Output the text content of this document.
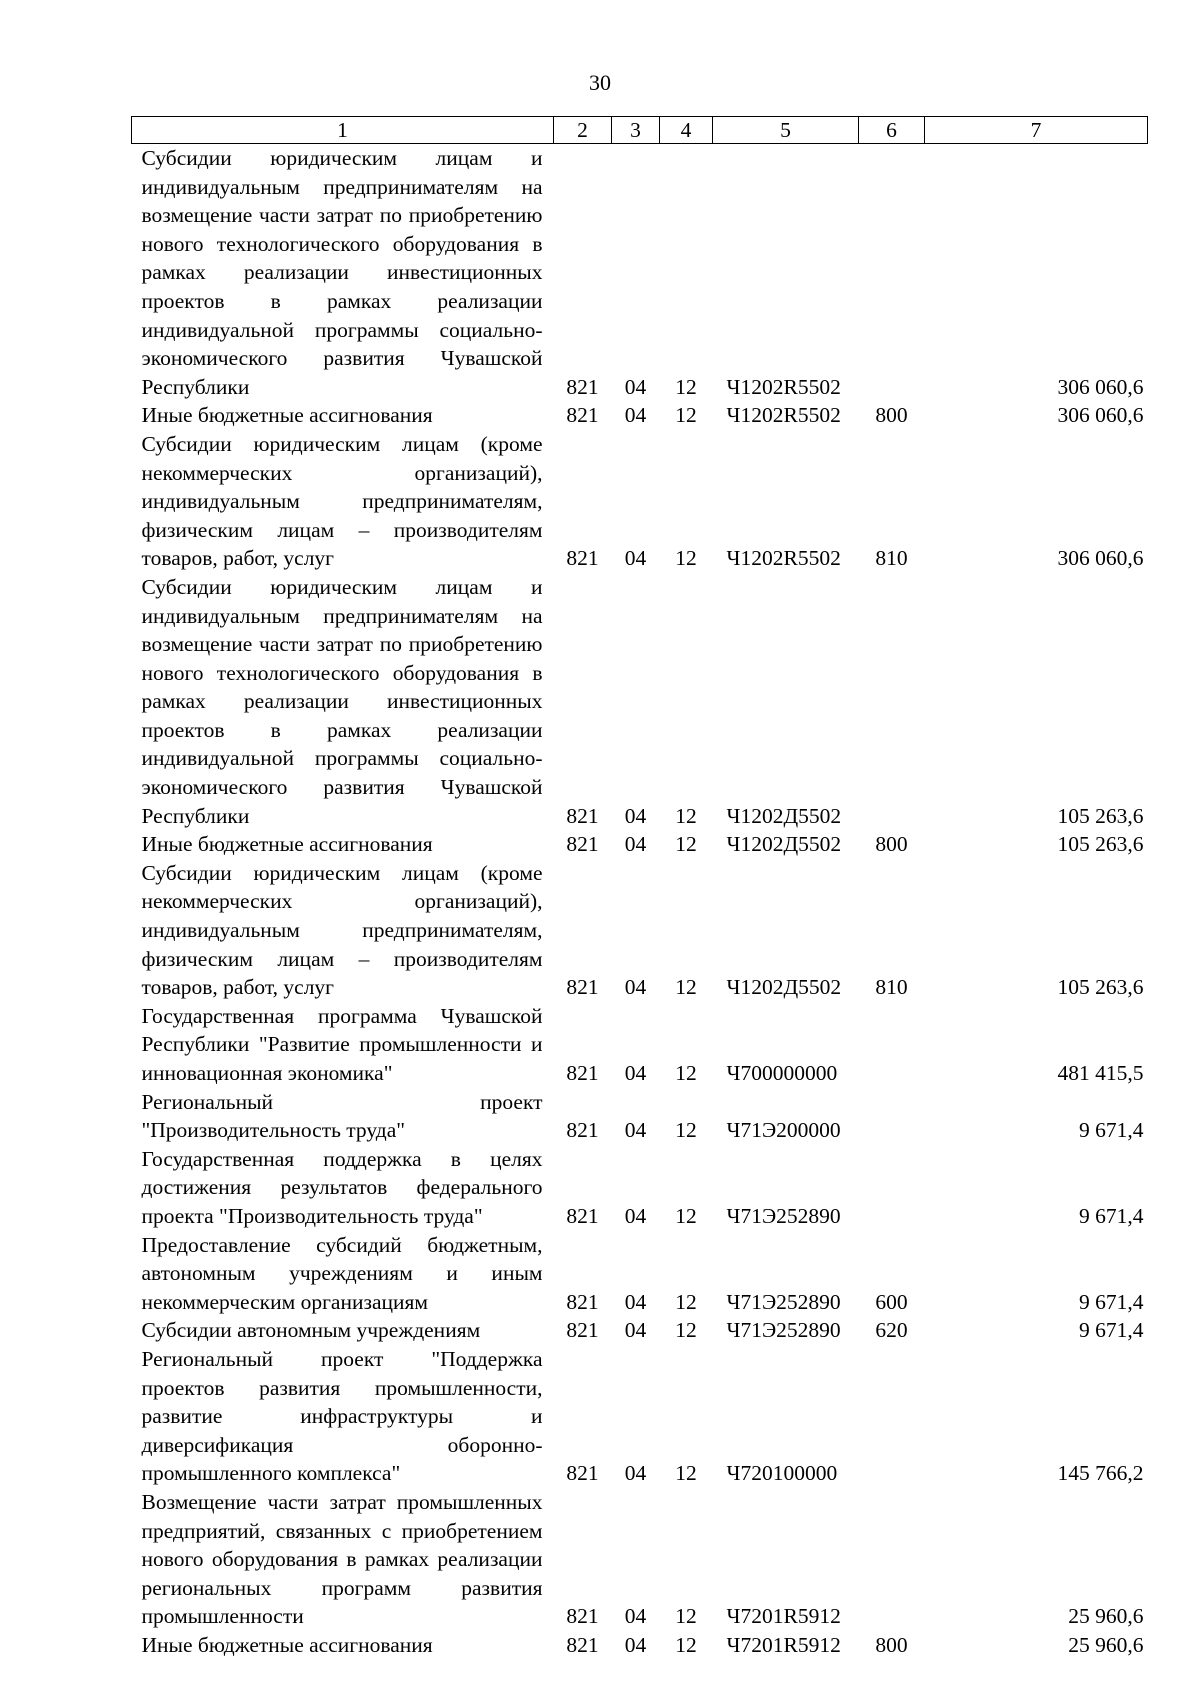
30
1	2	3	4	5	6	7
Субсидии юридическим лицам и индивидуальным предпринимателям на возмещение части затрат по приобретению нового технологического оборудования в рамках реализации инвестиционных проектов в рамках реализации индивидуальной программы социально-экономического развития Чувашской Республики	821	04	12	Ч1202R5502		306 060,6
Иные бюджетные ассигнования	821	04	12	Ч1202R5502	800	306 060,6
Субсидии юридическим лицам (кроме некоммерческих организаций), индивидуальным предпринимателям, физическим лицам – производителям товаров, работ, услуг	821	04	12	Ч1202R5502	810	306 060,6
Субсидии юридическим лицам и индивидуальным предпринимателям на возмещение части затрат по приобретению нового технологического оборудования в рамках реализации инвестиционных проектов в рамках реализации индивидуальной программы социально-экономического развития Чувашской Республики	821	04	12	Ч1202Д5502		105 263,6
Иные бюджетные ассигнования	821	04	12	Ч1202Д5502	800	105 263,6
Субсидии юридическим лицам (кроме некоммерческих организаций), индивидуальным предпринимателям, физическим лицам – производителям товаров, работ, услуг	821	04	12	Ч1202Д5502	810	105 263,6
Государственная программа Чувашской Республики "Развитие промышленности и инновационная экономика"	821	04	12	Ч700000000		481 415,5
Региональный проект "Производительность труда"	821	04	12	Ч71Э200000		9 671,4
Государственная поддержка в целях достижения результатов федерального проекта "Производительность труда"	821	04	12	Ч71Э252890		9 671,4
Предоставление субсидий бюджетным, автономным учреждениям и иным некоммерческим организациям	821	04	12	Ч71Э252890	600	9 671,4
Субсидии автономным учреждениям	821	04	12	Ч71Э252890	620	9 671,4
Региональный проект "Поддержка проектов развития промышленности, развитие инфраструктуры и диверсификация оборонно-промышленного комплекса"	821	04	12	Ч720100000		145 766,2
Возмещение части затрат промышленных предприятий, связанных с приобретением нового оборудования в рамках реализации региональных программ развития промышленности	821	04	12	Ч7201R5912		25 960,6
Иные бюджетные ассигнования	821	04	12	Ч7201R5912	800	25 960,6
